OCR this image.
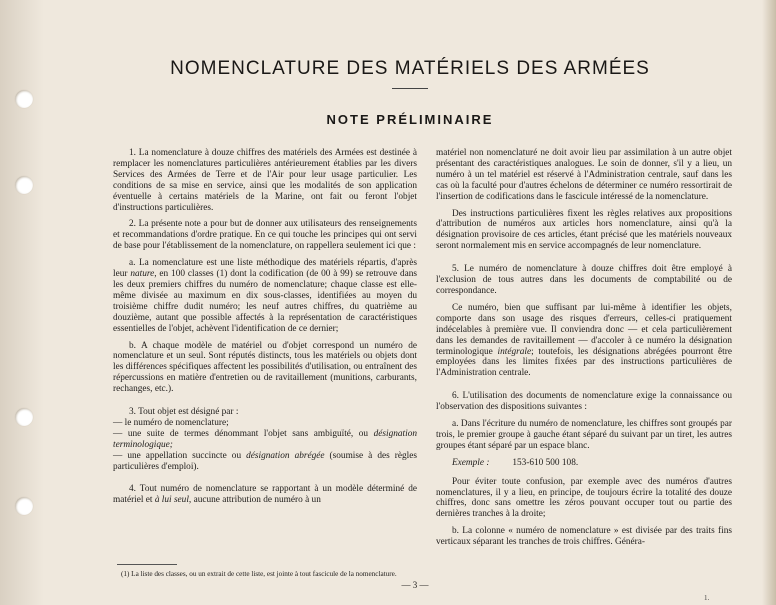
NOMENCLATURE DES MATÉRIELS DES ARMÉES
NOTE PRÉLIMINAIRE

1. La nomenclature à douze chiffres des matériels des Armées est destinée à remplacer les nomenclatures particulières antérieurement établies par les divers Services des Armées de Terre et de l'Air pour leur usage particulier. Les conditions de sa mise en service, ainsi que les modalités de son application éventuelle à certains matériels de la Marine, ont fait ou feront l'objet d'instructions particulières.

2. La présente note a pour but de donner aux utilisateurs des renseignements et recommandations d'ordre pratique. En ce qui touche les principes qui ont servi de base pour l'établissement de la nomenclature, on rappellera seulement ici que :

a. La nomenclature est une liste méthodique des matériels répartis, d'après leur nature, en 100 classes (1) dont la codification (de 00 à 99) se retrouve dans les deux premiers chiffres du numéro de nomenclature; chaque classe est elle-même divisée au maximum en dix sous-classes, identifiées au moyen du troisième chiffre dudit numéro; les neuf autres chiffres, du quatrième au douzième, autant que possible affectés à la représentation de caractéristiques essentielles de l'objet, achèvent l'identification de ce dernier;

b. A chaque modèle de matériel ou d'objet correspond un numéro de nomenclature et un seul. Sont réputés distincts, tous les matériels ou objets dont les différences spécifiques affectent les possibilités d'utilisation, ou entraînent des répercussions en matière d'entretien ou de ravitaillement (munitions, carburants, rechanges, etc.).

3. Tout objet est désigné par :

— le numéro de nomenclature;
— une suite de termes dénommant l'objet sans ambiguïté, ou désignation terminologique;
— une appellation succincte ou désignation abrégée (soumise à des règles particulières d'emploi).

4. Tout numéro de nomenclature se rapportant à un modèle déterminé de matériel et à lui seul, aucune attribution de numéro à un

matériel non nomenclaturé ne doit avoir lieu par assimilation à un autre objet présentant des caractéristiques analogues. Le soin de donner, s'il y a lieu, un numéro à un tel matériel est réservé à l'Administration centrale, sauf dans les cas où la faculté pour d'autres échelons de déterminer ce numéro ressortirait de l'insertion de codifications dans le fascicule intéressé de la nomenclature.

Des instructions particulières fixent les règles relatives aux propositions d'attribution de numéros aux articles hors nomenclature, ainsi qu'à la désignation provisoire de ces articles, étant précisé que les matériels nouveaux seront normalement mis en service accompagnés de leur nomenclature.

5. Le numéro de nomenclature à douze chiffres doit être employé à l'exclusion de tous autres dans les documents de comptabilité ou de correspondance.

Ce numéro, bien que suffisant par lui-même à identifier les objets, comporte dans son usage des risques d'erreurs, celles-ci pratiquement indécelables à première vue. Il conviendra donc — et cela particulièrement dans les demandes de ravitaillement — d'accoler à ce numéro la désignation terminologique intégrale; toutefois, les désignations abrégées pourront être employées dans les limites fixées par des instructions particulières de l'Administration centrale.

6. L'utilisation des documents de nomenclature exige la connaissance ou l'observation des dispositions suivantes :

a. Dans l'écriture du numéro de nomenclature, les chiffres sont groupés par trois, le premier groupe à gauche étant séparé du suivant par un tiret, les autres groupes étant séparé par un espace blanc.

Exemple : 153-610 500 108.

Pour éviter toute confusion, par exemple avec des numéros d'autres nomenclatures, il y a lieu, en principe, de toujours écrire la totalité des douze chiffres, donc sans omettre les zéros pouvant occuper tout ou partie des dernières tranches à la droite;

b. La colonne « numéro de nomenclature » est divisée par des traits fins verticaux séparant les tranches de trois chiffres. Généra-

(1) La liste des classes, ou un extrait de cette liste, est jointe à tout fascicule de la nomenclature.
— 3 —
1.
